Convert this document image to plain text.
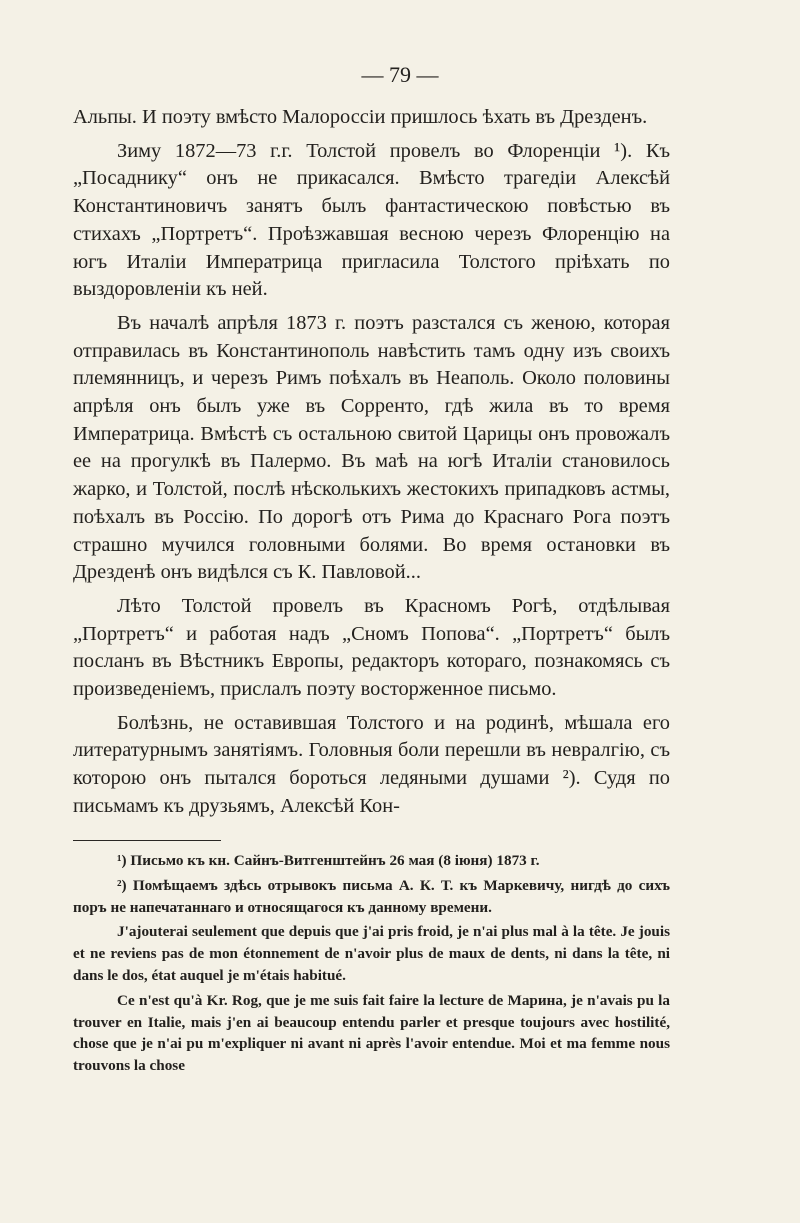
— 79 —

Альпы. И поэту вмѣсто Малороссіи пришлось ѣхать въ Дрезденъ.

Зиму 1872—73 г.г. Толстой провелъ во Флоренціи ¹). Къ „Посаднику“ онъ не прикасался. Вмѣсто трагедіи Алексѣй Константиновичъ занятъ былъ фантастическою повѣстью въ стихахъ „Портретъ“. Проѣзжавшая весною черезъ Флоренцію на югъ Италіи Императрица пригласила Толстого пріѣхать по выздоровленіи къ ней.

Въ началѣ апрѣля 1873 г. поэтъ разстался съ женою, которая отправилась въ Константинополь навѣстить тамъ одну изъ своихъ племянницъ, и черезъ Римъ поѣхалъ въ Неаполь. Около половины апрѣля онъ былъ уже въ Сорренто, гдѣ жила въ то время Императрица. Вмѣстѣ съ остальною свитой Царицы онъ провожалъ ее на прогулкѣ въ Палермо. Въ маѣ на югѣ Италіи становилось жарко, и Толстой, послѣ нѣсколькихъ жестокихъ припадковъ астмы, поѣхалъ въ Россію. По дорогѣ отъ Рима до Краснаго Рога поэтъ страшно мучился головными болями. Во время остановки въ Дрезденѣ онъ видѣлся съ К. Павловой...

Лѣто Толстой провелъ въ Красномъ Рогѣ, отдѣлывая „Портретъ“ и работая надъ „Сномъ Попова“. „Портретъ“ былъ посланъ въ Вѣстникъ Европы, редакторъ котораго, познакомясь съ произведеніемъ, прислалъ поэту восторженное письмо.

Болѣзнь, не оставившая Толстого и на родинѣ, мѣшала его литературнымъ занятіямъ. Головныя боли перешли въ невралгію, съ которою онъ пытался бороться ледяными душами ²). Судя по письмамъ къ друзьямъ, Алексѣй Кон-

¹) Письмо къ кн. Сайнъ-Витгенштейнъ 26 мая (8 іюня) 1873 г.

²) Помѣщаемъ здѣсь отрывокъ письма А. К. Т. къ Маркевичу, нигдѣ до сихъ поръ не напечатаннаго и относящагося къ данному времени.

J'ajouterai seulement que depuis que j'ai pris froid, je n'ai plus mal à la tête. Je jouis et ne reviens pas de mon étonnement de n'avoir plus de maux de dents, ni dans la tête, ni dans le dos, état auquel je m'étais habitué.

Ce n'est qu'à Kr. Rog, que je me suis fait faire la lecture de Марина, je n'avais pu la trouver en Italie, mais j'en ai beaucoup entendu parler et presque toujours avec hostilité, chose que je n'ai pu m'expliquer ni avant ni après l'avoir entendue. Moi et ma femme nous trouvons la chose
